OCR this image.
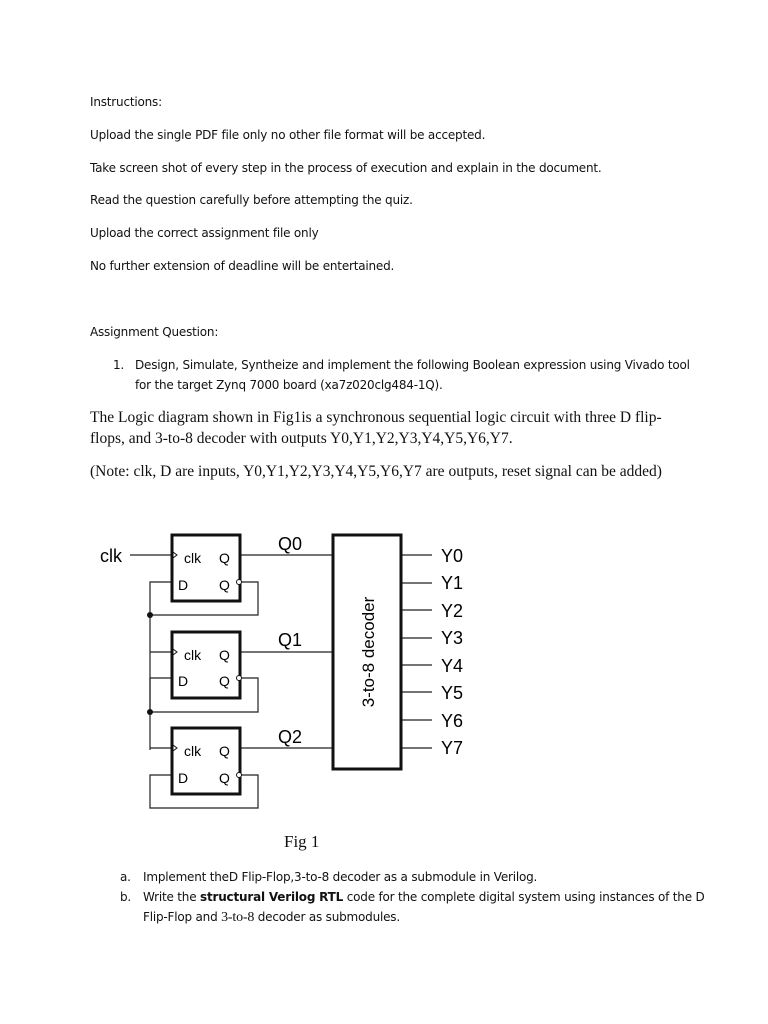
Instructions:
Upload the single PDF file only no other file format will be accepted.
Take screen shot of every step in the process of execution and explain in the document.
Read the question carefully before attempting the quiz.
Upload the correct assignment file only
No further extension of deadline will be entertained.
Assignment Question:
1. Design, Simulate, Syntheize and implement the following Boolean expression using Vivado tool
for the target Zynq 7000 board (xa7z020clg484-1Q).
The Logic diagram shown in Fig1is a synchronous sequential logic circuit with three D flip-
flops, and 3-to-8 decoder with outputs Y0,Y1,Y2,Y3,Y4,Y5,Y6,Y7.
(Note: clk, D are inputs, Y0,Y1,Y2,Y3,Y4,Y5,Y6,Y7 are outputs, reset signal can be added)
clk Q
D Q
clk Q
D Q
clk Q
D Q
clk
Q0
Q1
Q2
3-to-8 decoder
Y0
Y1
Y2
Y3
Y4
Y5
Y6
Y7
Fig 1
a. Implement theD Flip-Flop,3-to-8 decoder as a submodule in Verilog.
b. Write the structural Verilog RTL code for the complete digital system using instances of the D
Flip-Flop and 3-to-8 decoder as submodules.
